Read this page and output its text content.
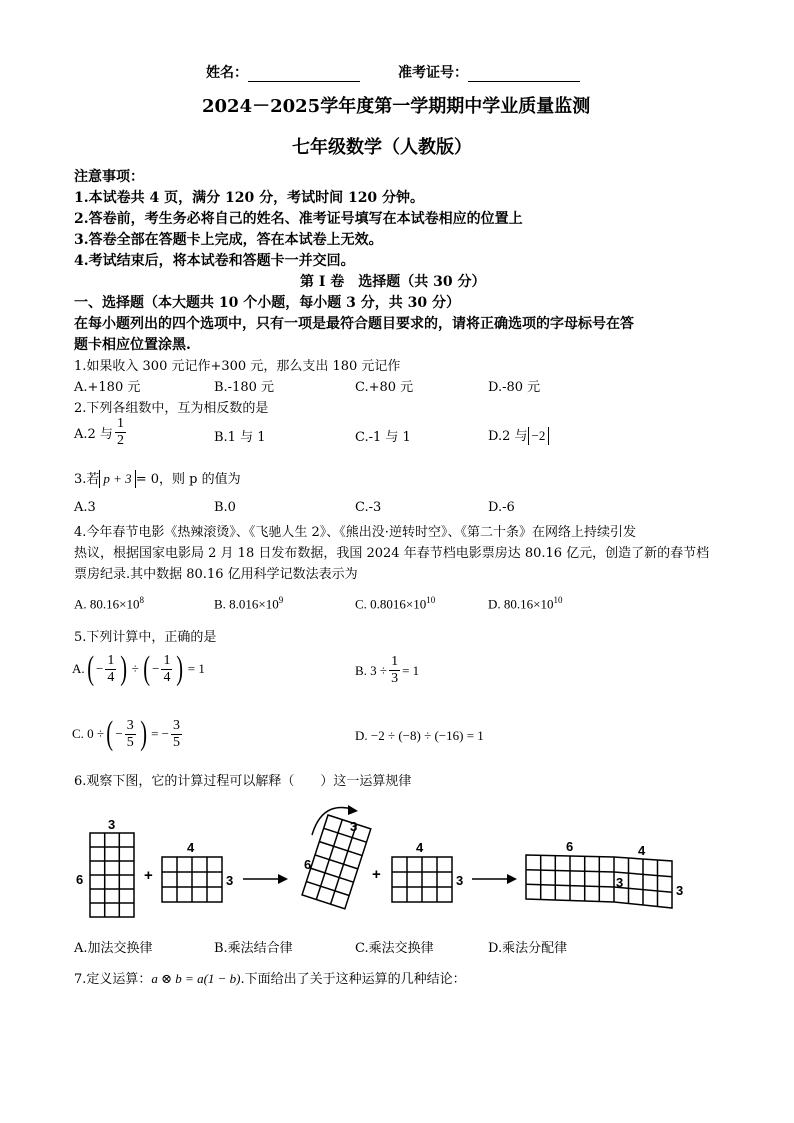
姓名：	准考证号：
2024－2025学年度第一学期期中学业质量监测
七年级数学（人教版）
注意事项：
1.本试卷共 4 页，满分 120 分，考试时间 120 分钟。
2.答卷前，考生务必将自己的姓名、准考证号填写在本试卷相应的位置上
3.答卷全部在答题卡上完成，答在本试卷上无效。
4.考试结束后，将本试卷和答题卡一并交回。
第 I 卷　选择题（共 30 分）
一、选择题（本大题共 10 个小题，每小题 3 分，共 30 分）
在每小题列出的四个选项中，只有一项是最符合题目要求的，请将正确选项的字母标号在答
题卡相应位置涂黑.
1.如果收入 300 元记作+300 元，那么支出 180 元记作
A.+180 元	B.-180 元	C.+80 元	D.-80 元
2.下列各组数中，互为相反数的是
A.2 与 $\frac{1}{2}$	B.1 与 1	C.-1 与 1	D.2 与 −2
3.若 p + 3 = 0，则 p 的值为
A.3	B.0	C.-3	D.-6
4.今年春节电影《热辣滚烫》、《飞驰人生 2》、《熊出没·逆转时空》、《第二十条》在网络上持续引发
热议，根据国家电影局 2 月 18 日发布数据，我国 2024 年春节档电影票房达 80.16 亿元，创造了新的春节档
票房纪录.其中数据 80.16 亿用科学记数法表示为
A. $80.16\times 10^8$	B. $8.016\times 10^9$	C. $0.8016\times 10^{10}$	D. $80.16\times 10^{10}$
5.下列计算中，正确的是
A. ( − $\frac{1}{4}$ ) ÷ ( − $\frac{1}{4}$ ) = 1	B. $3 \div \frac{1}{3} = 1$
C. 0 ÷ ( − $\frac{3}{5}$ ) = − $\frac{3}{5}$	D. −2 ÷ (−8) ÷ (−16) = 1
6.观察下图，它的计算过程可以解释（　　）这一运算规律
3
6	+
4
3
3
6
+
4
3
6	4
3
3
A.加法交换律	B.乘法结合律	C.乘法交换律	D.乘法分配律
7.定义运算：a ⊗ b = a(1 − b).下面给出了关于这种运算的几种结论：
